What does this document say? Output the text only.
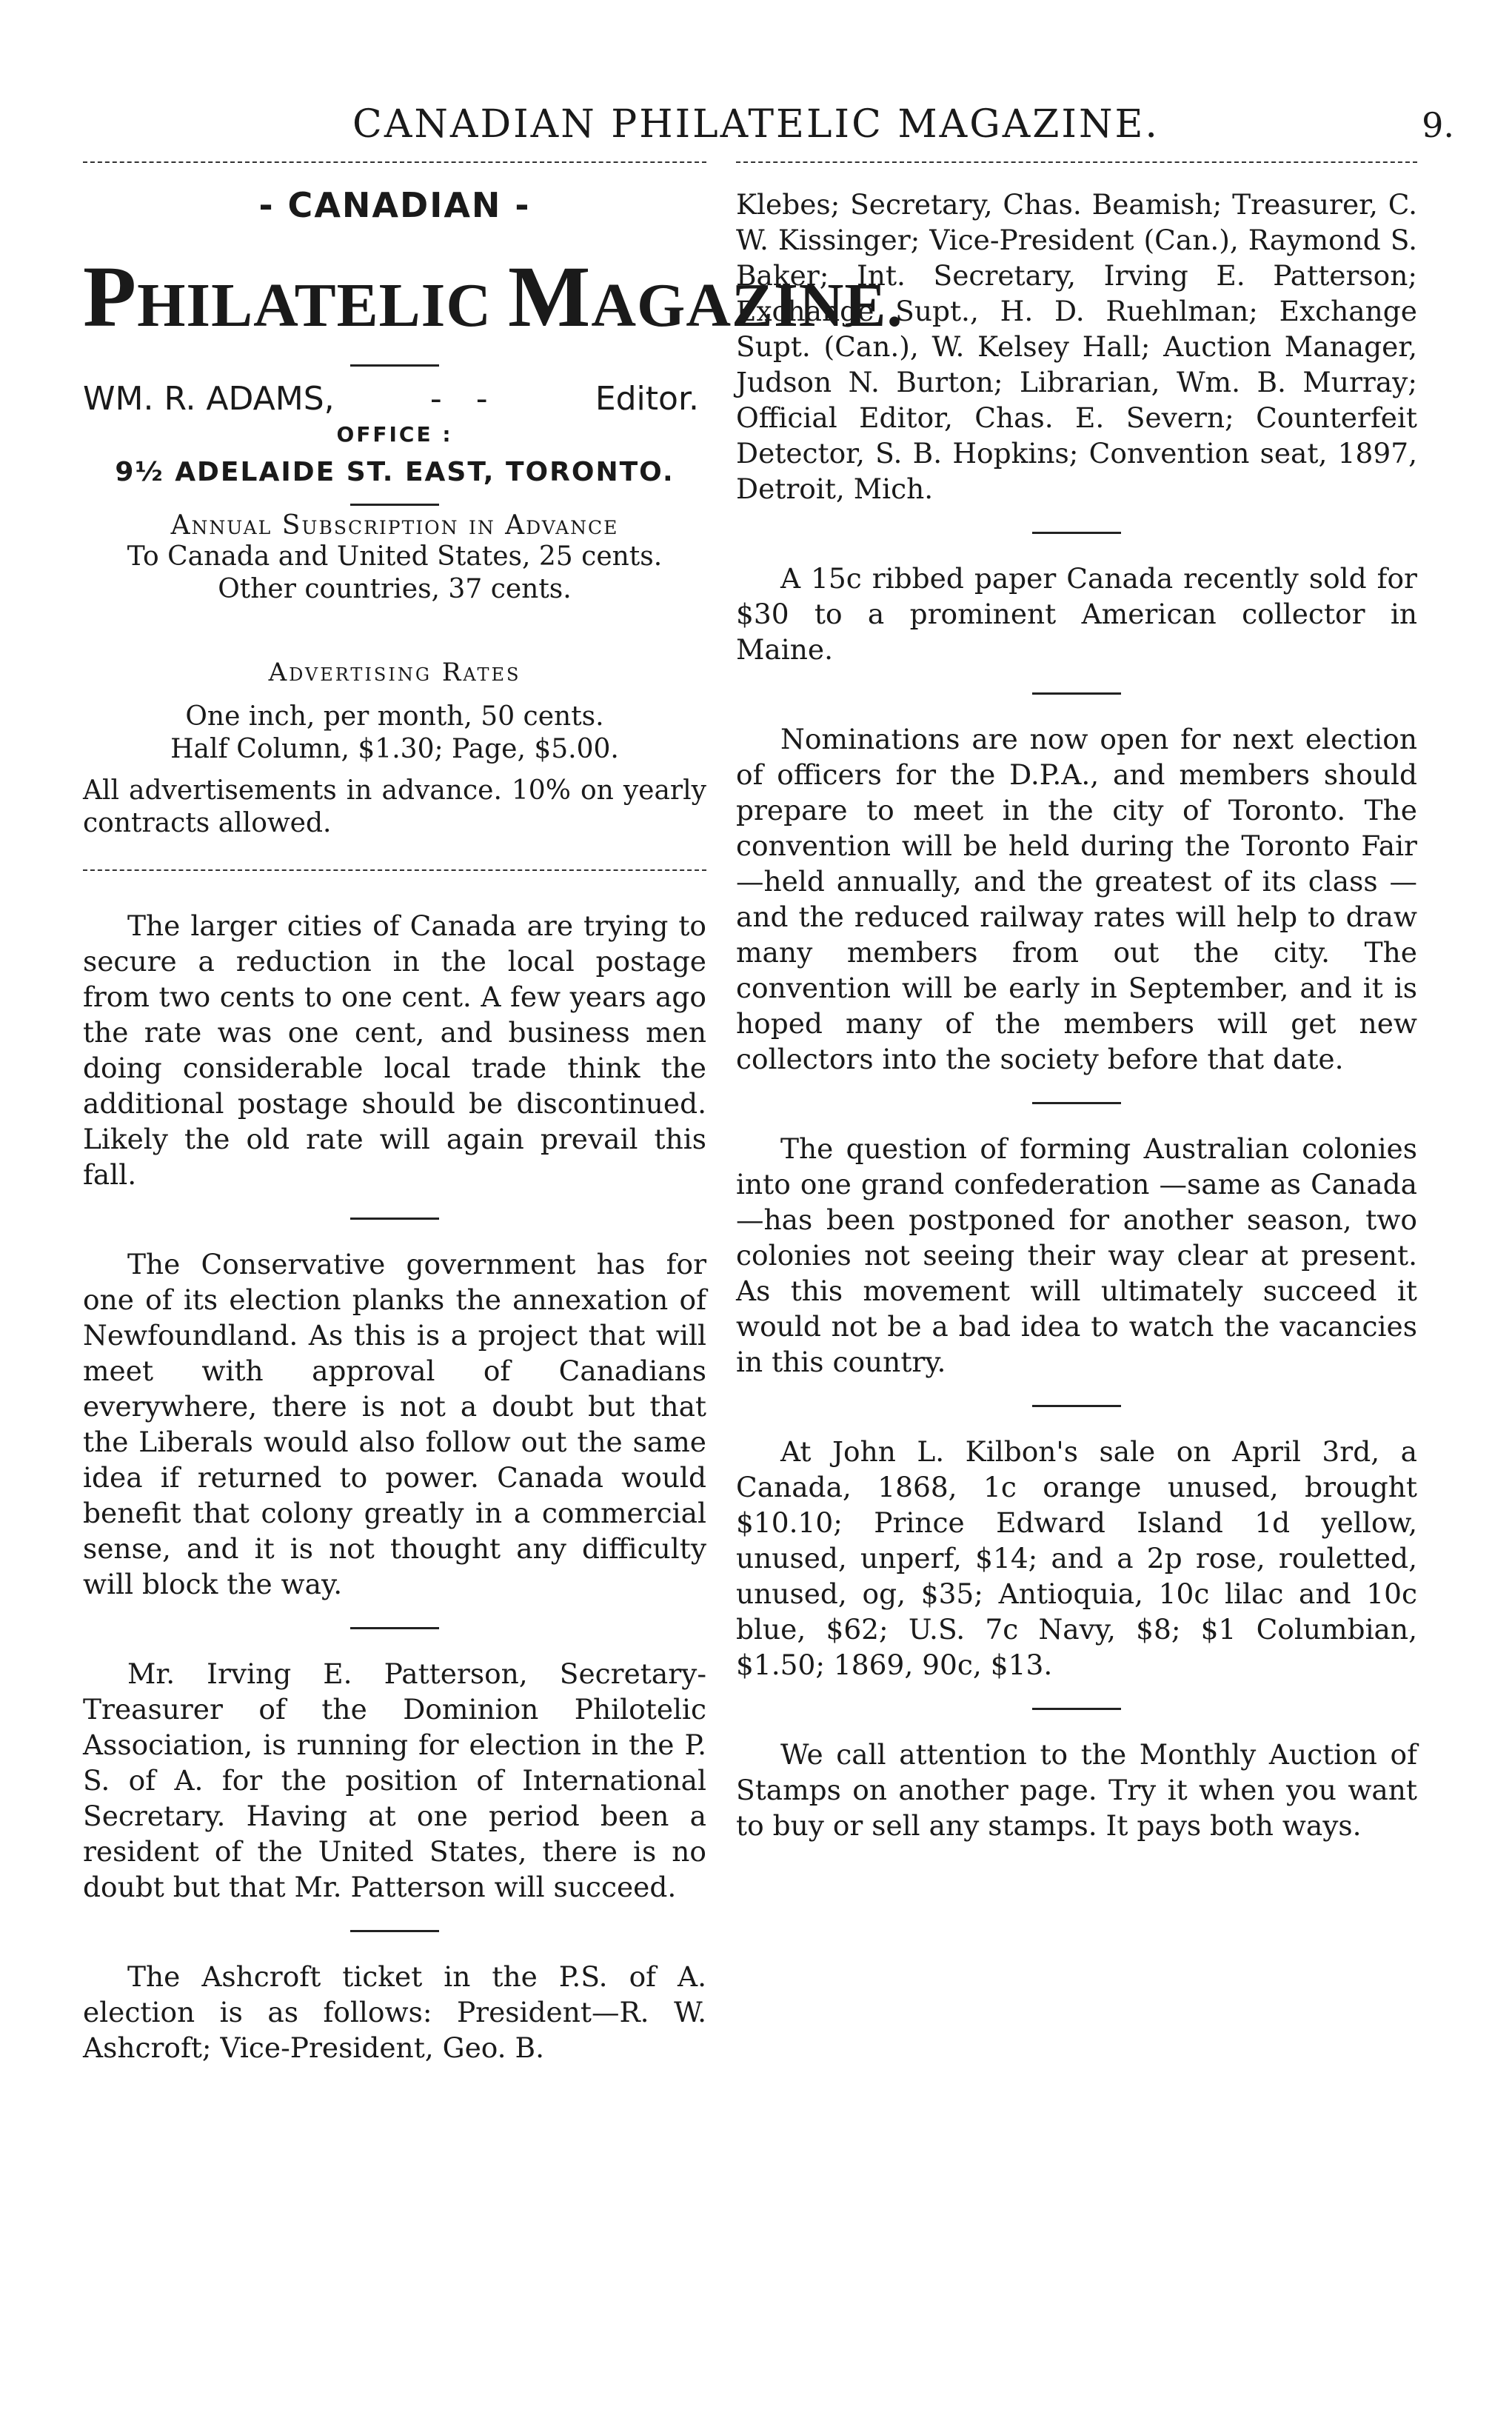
CANADIAN PHILATELIC MAGAZINE.	9.
- CANADIAN -
PHILATELIC MAGAZINE.
WM. R. ADAMS,	- -	Editor.
OFFICE :
9½ ADELAIDE ST. EAST, TORONTO.
Annual Subscription in Advance
To Canada and United States, 25 cents.
Other countries, 37 cents.
Advertising Rates
One inch, per month, 50 cents.
Half Column, $1.30; Page, $5.00.
All advertisements in advance. 10% on yearly contracts allowed.

The larger cities of Canada are trying to secure a reduction in the local postage from two cents to one cent. A few years ago the rate was one cent, and business men doing considerable local trade think the additional postage should be discontinued. Likely the old rate will again prevail this fall.

The Conservative government has for one of its election planks the annexation of Newfoundland. As this is a project that will meet with approval of Canadians everywhere, there is not a doubt but that the Liberals would also follow out the same idea if returned to power. Canada would benefit that colony greatly in a commercial sense, and it is not thought any difficulty will block the way.

Mr. Irving E. Patterson, Secretary-Treasurer of the Dominion Philotelic Association, is running for election in the P. S. of A. for the position of International Secretary. Having at one period been a resident of the United States, there is no doubt but that Mr. Patterson will succeed.

The Ashcroft ticket in the P.S. of A. election is as follows: President—R. W. Ashcroft; Vice-President, Geo. B.

Klebes; Secretary, Chas. Beamish; Treasurer, C. W. Kissinger; Vice-President (Can.), Raymond S. Baker; Int. Secretary, Irving E. Patterson; Exchange Supt., H. D. Ruehlman; Exchange Supt. (Can.), W. Kelsey Hall; Auction Manager, Judson N. Burton; Librarian, Wm. B. Murray; Official Editor, Chas. E. Severn; Counterfeit Detector, S. B. Hopkins; Convention seat, 1897, Detroit, Mich.

A 15c ribbed paper Canada recently sold for $30 to a prominent American collector in Maine.

Nominations are now open for next election of officers for the D.P.A., and members should prepare to meet in the city of Toronto. The convention will be held during the Toronto Fair—held annually, and the greatest of its class —and the reduced railway rates will help to draw many members from out the city. The convention will be early in September, and it is hoped many of the members will get new collectors into the society before that date.

The question of forming Australian colonies into one grand confederation —same as Canada—has been postponed for another season, two colonies not seeing their way clear at present. As this movement will ultimately succeed it would not be a bad idea to watch the vacancies in this country.

At John L. Kilbon's sale on April 3rd, a Canada, 1868, 1c orange unused, brought $10.10; Prince Edward Island 1d yellow, unused, unperf, $14; and a 2p rose, rouletted, unused, og, $35; Antioquia, 10c lilac and 10c blue, $62; U.S. 7c Navy, $8; $1 Columbian, $1.50; 1869, 90c, $13.

We call attention to the Monthly Auction of Stamps on another page. Try it when you want to buy or sell any stamps. It pays both ways.
